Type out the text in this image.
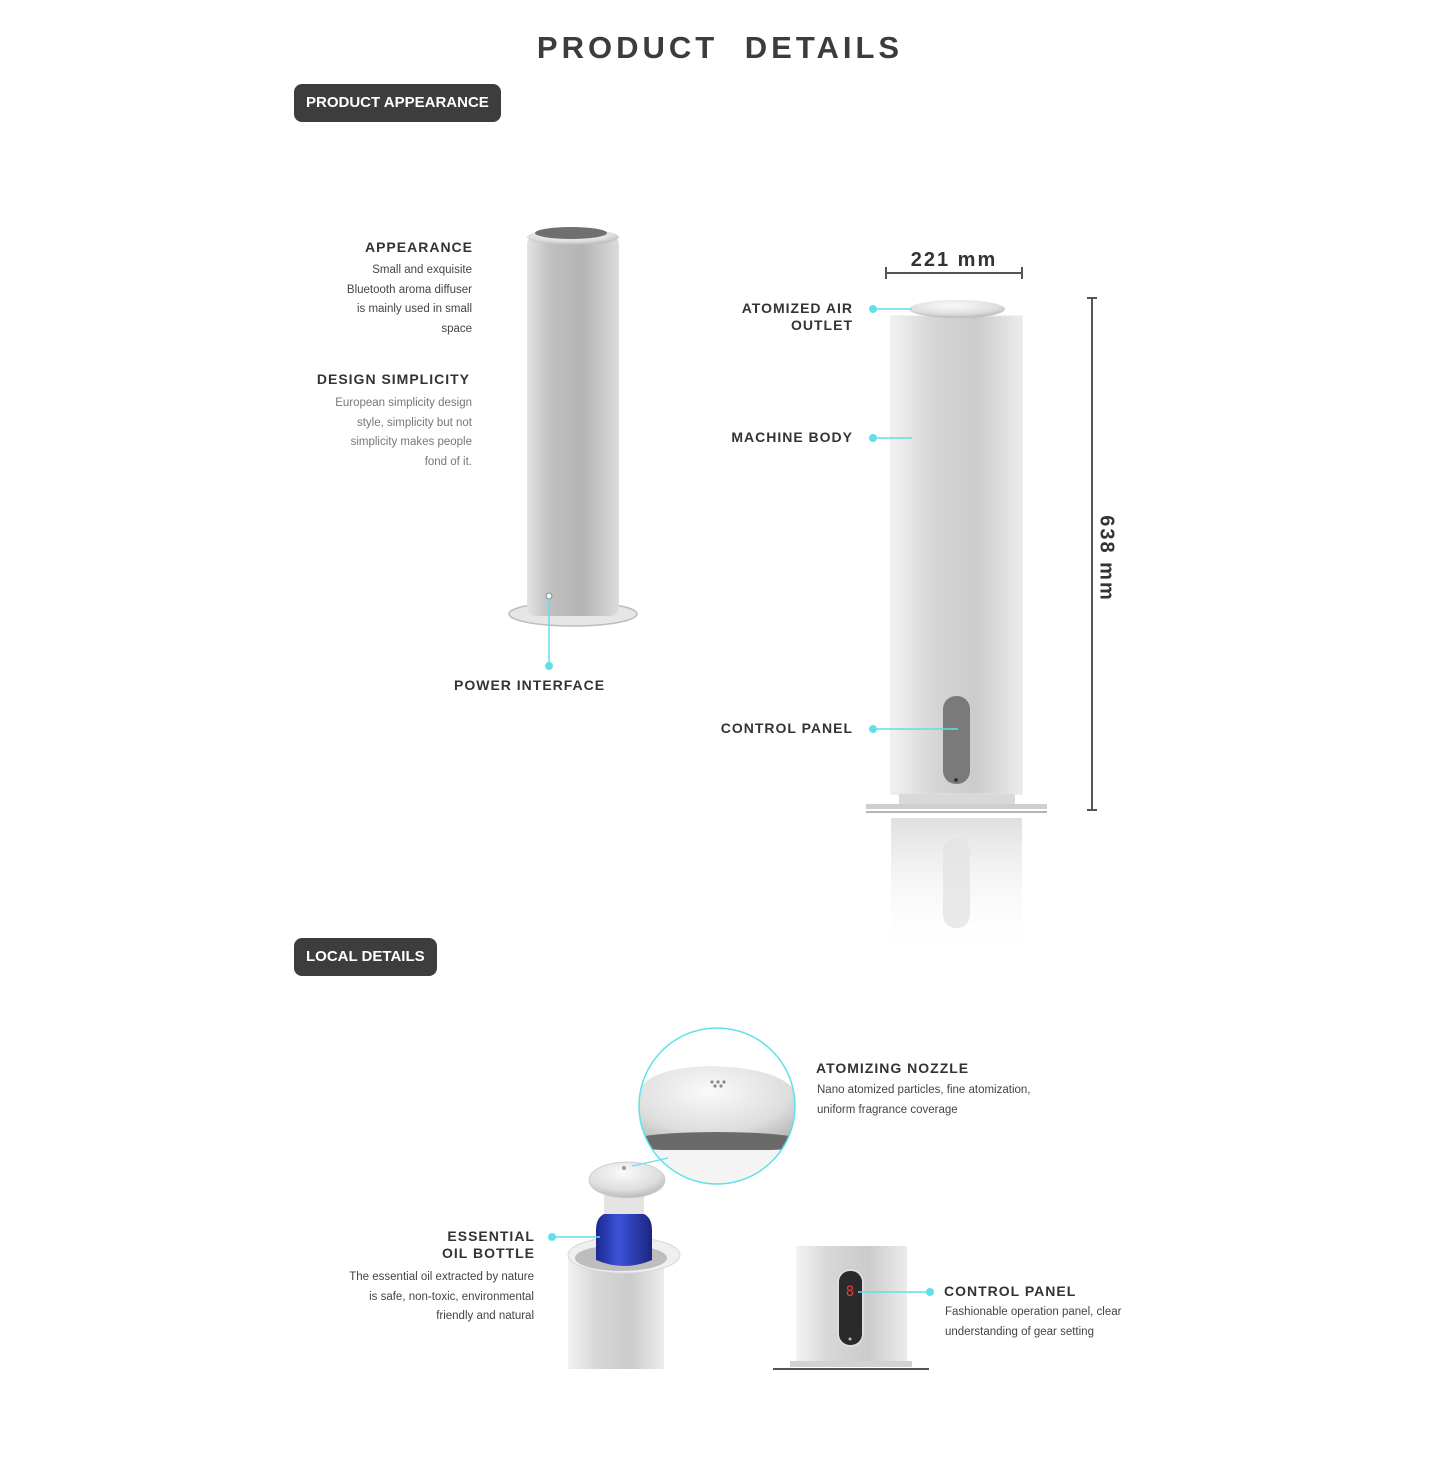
PRODUCT DETAILS
PRODUCT APPEARANCE
LOCAL DETAILS
APPEARANCE
Small and exquisite
Bluetooth aroma diffuser
is mainly used in small
space
DESIGN SIMPLICITY
European simplicity design
style, simplicity but not
simplicity makes people
fond of it.
8
POWER INTERFACE
221 mm
638 mm
ATOMIZED AIR
OUTLET
MACHINE BODY
CONTROL PANEL
ATOMIZING NOZZLE
Nano atomized particles, fine atomization,
uniform fragrance coverage
ESSENTIAL
OIL BOTTLE
The essential oil extracted by nature
is safe, non-toxic, environmental
friendly and natural
CONTROL PANEL
Fashionable operation panel, clear
understanding of gear setting
